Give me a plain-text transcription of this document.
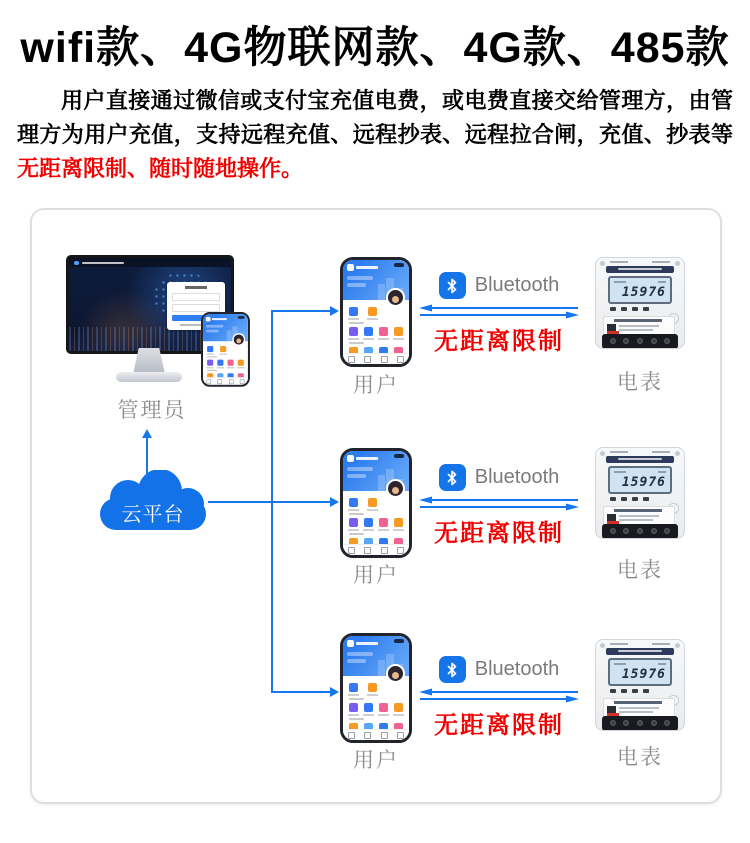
wifi款、4G物联网款、4G款、485款

用户直接通过微信或支付宝充值电费，或电费直接交给管理方，由管理方为用户充值，支持远程充值、远程抄表、远程拉合闸，充值、抄表等无距离限制、随时随地操作。

管理员
云平台
用户
用户
用户
Bluetooth
无距离限制
Bluetooth
无距离限制
Bluetooth
无距离限制
15976
电表
15976
电表
15976
电表
